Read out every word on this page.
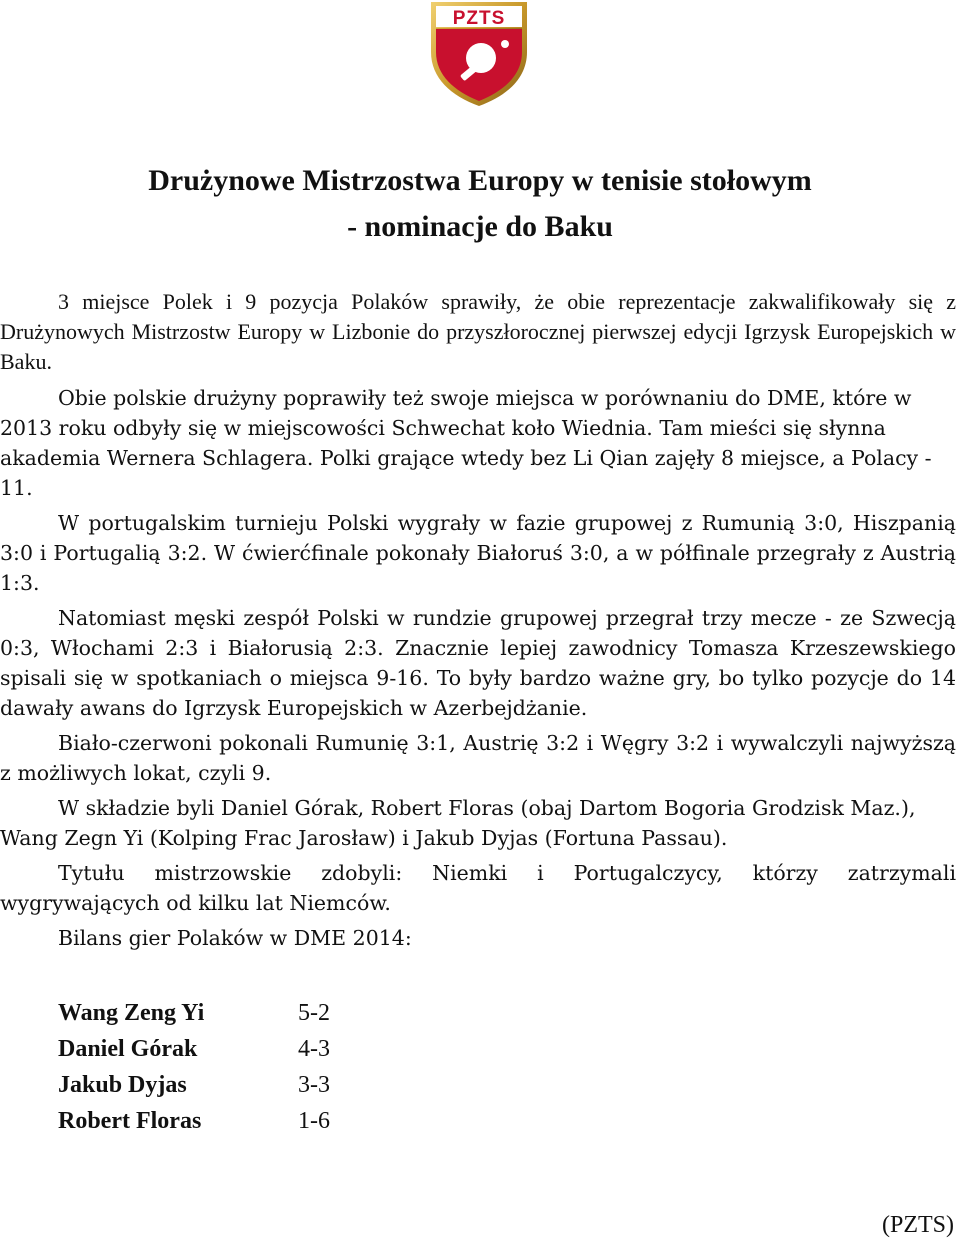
PZTS
Drużynowe Mistrzostwa Europy w tenisie stołowym
- nominacje do Baku

3 miejsce Polek i 9 pozycja Polaków sprawiły, że obie reprezentacje zakwalifikowały się z Drużynowych Mistrzostw Europy w Lizbonie do przyszłorocznej pierwszej edycji Igrzysk Europejskich w Baku.

Obie polskie drużyny poprawiły też swoje miejsca w porównaniu do DME, które w 2013 roku odbyły się w miejscowości Schwechat koło Wiednia. Tam mieści się słynna akademia Wernera Schlagera. Polki grające wtedy bez Li Qian zajęły 8 miejsce, a Polacy - 11.

W portugalskim turnieju Polski wygrały w fazie grupowej z Rumunią 3:0, Hiszpanią 3:0 i Portugalią 3:2. W ćwierćfinale pokonały Białoruś 3:0, a w półfinale przegrały z Austrią 1:3.

Natomiast męski zespół Polski w rundzie grupowej przegrał trzy mecze - ze Szwecją 0:3, Włochami 2:3 i Białorusią 2:3. Znacznie lepiej zawodnicy Tomasza Krzeszewskiego spisali się w spotkaniach o miejsca 9-16. To były bardzo ważne gry, bo tylko pozycje do 14 dawały awans do Igrzysk Europejskich w Azerbejdżanie.

Biało-czerwoni pokonali Rumunię 3:1, Austrię 3:2 i Węgry 3:2 i wywalczyli najwyższą z możliwych lokat, czyli 9.

W składzie byli Daniel Górak, Robert Floras (obaj Dartom Bogoria Grodzisk Maz.), Wang Zegn Yi (Kolping Frac Jarosław) i Jakub Dyjas (Fortuna Passau).

Tytułu mistrzowskie zdobyli: Niemki i Portugalczycy, którzy zatrzymali wygrywających od kilku lat Niemców.

Bilans gier Polaków w DME 2014:

Wang Zeng Yi	5-2
Daniel Górak	4-3
Jakub Dyjas	3-3
Robert Floras	1-6
(PZTS)
